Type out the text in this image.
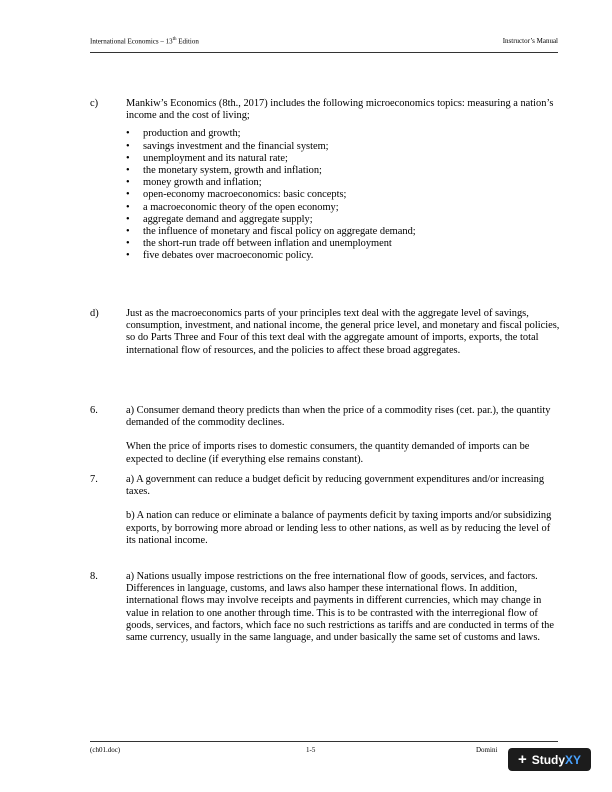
International Economics – 13th Edition	Instructor’s Manual
c)	Mankiw’s Economics (8th., 2017) includes the following microeconomics topics: measuring a nation’s income and the cost of living;

• production and growth;
• savings investment and the financial system;
• unemployment and its natural rate;
• the monetary system, growth and inflation;
• money growth and inflation;
• open-economy macroeconomics: basic concepts;
• a macroeconomic theory of the open economy;
• aggregate demand and aggregate supply;
• the influence of monetary and fiscal policy on aggregate demand;
• the short-run trade off between inflation and unemployment
• five debates over macroeconomic policy.
d)	Just as the macroeconomics parts of your principles text deal with the aggregate level of savings, consumption, investment, and national income, the general price level, and monetary and fiscal policies, so do Parts Three and Four of this text deal with the aggregate amount of imports, exports, the total international flow of resources, and the policies to affect these broad aggregates.

6.	a) Consumer demand theory predicts than when the price of a commodity rises (cet. par.), the quantity demanded of the commodity declines.

When the price of imports rises to domestic consumers, the quantity demanded of imports can be expected to decline (if everything else remains constant).

7.	a) A government can reduce a budget deficit by reducing government expenditures and/or increasing taxes.

b) A nation can reduce or eliminate a balance of payments deficit by taxing imports and/or subsidizing exports, by borrowing more abroad or lending less to other nations, as well as by reducing the level of its national income.

8.	a) Nations usually impose restrictions on the free international flow of goods, services, and factors. Differences in language, customs, and laws also hamper these international flows. In addition, international flows may involve receipts and payments in different currencies, which may change in value in relation to one another through time. This is to be contrasted with the interregional flow of goods, services, and factors, which face no such restrictions as tariffs and are conducted in terms of the same currency, usually in the same language, and under basically the same set of customs and laws.

(ch01.doc)	1-5	Domini
+ StudyXY
